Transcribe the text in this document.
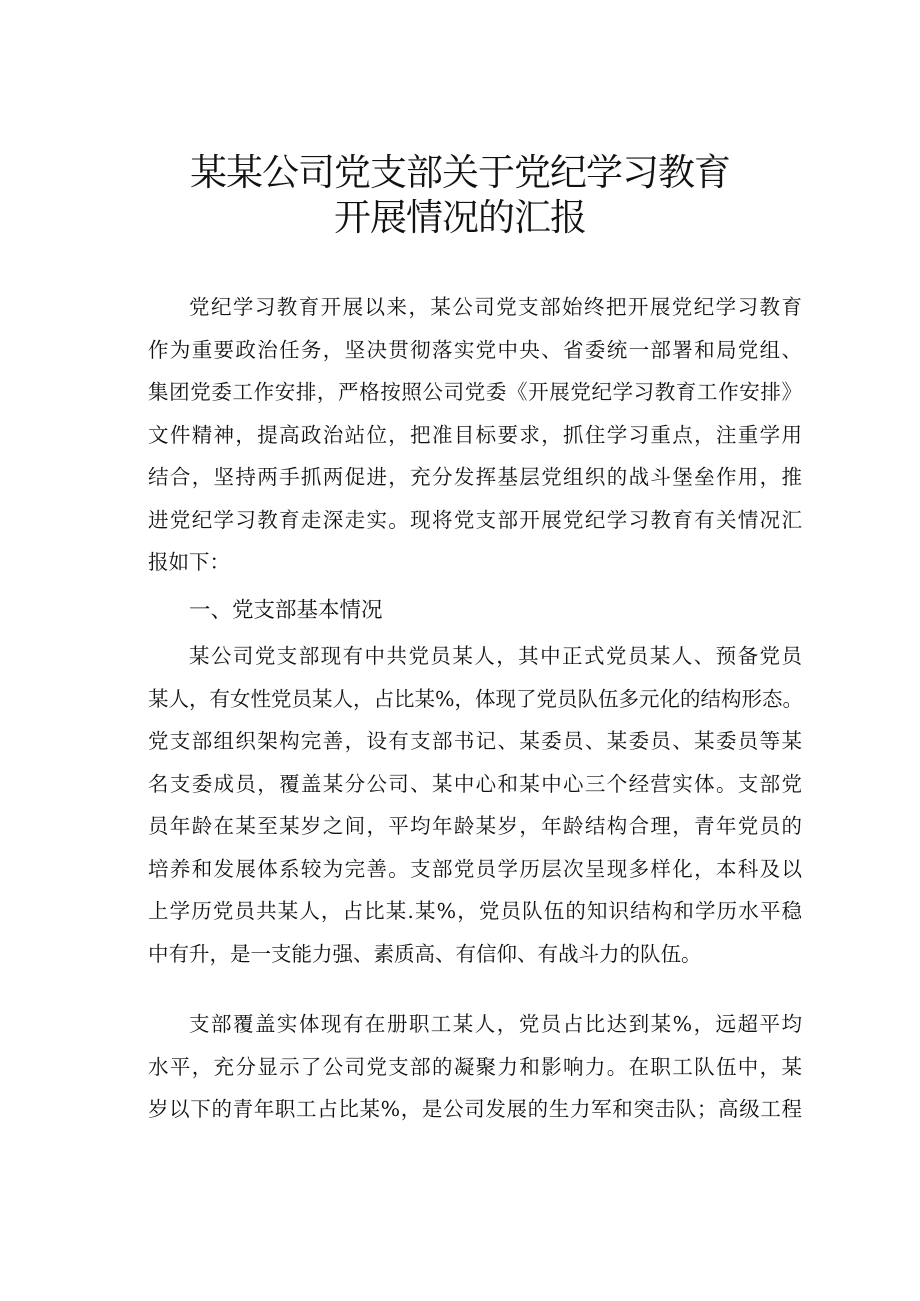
某某公司党支部关于党纪学习教育
开展情况的汇报
党纪学习教育开展以来，某公司党支部始终把开展党纪学习教育
作为重要政治任务，坚决贯彻落实党中央、省委统一部署和局党组、
集团党委工作安排，严格按照公司党委《开展党纪学习教育工作安排》
文件精神，提高政治站位，把准目标要求，抓住学习重点，注重学用
结合，坚持两手抓两促进，充分发挥基层党组织的战斗堡垒作用，推
进党纪学习教育走深走实。现将党支部开展党纪学习教育有关情况汇
报如下：
一、党支部基本情况
某公司党支部现有中共党员某人，其中正式党员某人、预备党员
某人，有女性党员某人，占比某%，体现了党员队伍多元化的结构形态。
党支部组织架构完善，设有支部书记、某委员、某委员、某委员等某
名支委成员，覆盖某分公司、某中心和某中心三个经营实体。支部党
员年龄在某至某岁之间，平均年龄某岁，年龄结构合理，青年党员的
培养和发展体系较为完善。支部党员学历层次呈现多样化，本科及以
上学历党员共某人，占比某.某%，党员队伍的知识结构和学历水平稳
中有升，是一支能力强、素质高、有信仰、有战斗力的队伍。
支部覆盖实体现有在册职工某人，党员占比达到某%，远超平均
水平，充分显示了公司党支部的凝聚力和影响力。在职工队伍中，某
岁以下的青年职工占比某%，是公司发展的生力军和突击队；高级工程
